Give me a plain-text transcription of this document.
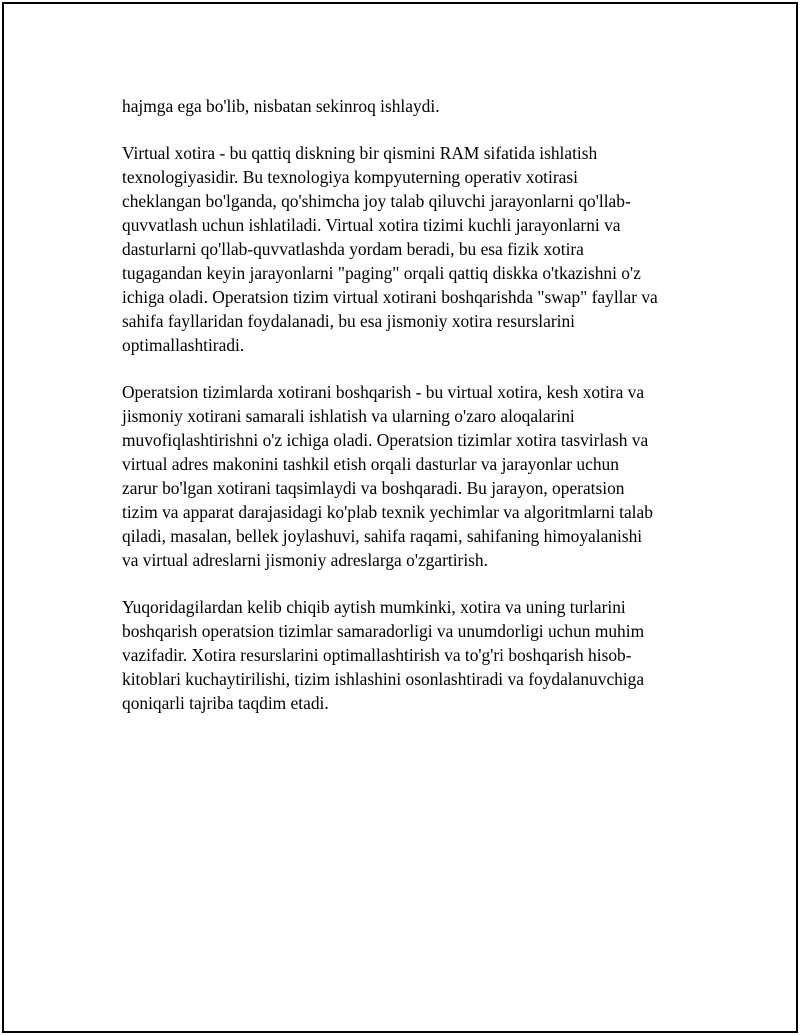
hajmga ega bo'lib, nisbatan sekinroq ishlaydi.

Virtual xotira - bu qattiq diskning bir qismini RAM sifatida ishlatish
texnologiyasidir. Bu texnologiya kompyuterning operativ xotirasi
cheklangan bo'lganda, qo'shimcha joy talab qiluvchi jarayonlarni qo'llab-
quvvatlash uchun ishlatiladi. Virtual xotira tizimi kuchli jarayonlarni va
dasturlarni qo'llab-quvvatlashda yordam beradi, bu esa fizik xotira
tugagandan keyin jarayonlarni "paging" orqali qattiq diskka o'tkazishni o'z
ichiga oladi. Operatsion tizim virtual xotirani boshqarishda "swap" fayllar va
sahifa fayllaridan foydalanadi, bu esa jismoniy xotira resurslarini
optimallashtiradi.

Operatsion tizimlarda xotirani boshqarish - bu virtual xotira, kesh xotira va
jismoniy xotirani samarali ishlatish va ularning o'zaro aloqalarini
muvofiqlashtirishni o'z ichiga oladi. Operatsion tizimlar xotira tasvirlash va
virtual adres makonini tashkil etish orqali dasturlar va jarayonlar uchun
zarur bo'lgan xotirani taqsimlaydi va boshqaradi. Bu jarayon, operatsion
tizim va apparat darajasidagi ko'plab texnik yechimlar va algoritmlarni talab
qiladi, masalan, bellek joylashuvi, sahifa raqami, sahifaning himoyalanishi
va virtual adreslarni jismoniy adreslarga o'zgartirish.

Yuqoridagilardan kelib chiqib aytish mumkinki, xotira va uning turlarini
boshqarish operatsion tizimlar samaradorligi va unumdorligi uchun muhim
vazifadir. Xotira resurslarini optimallashtirish va to'g'ri boshqarish hisob-
kitoblari kuchaytirilishi, tizim ishlashini osonlashtiradi va foydalanuvchiga
qoniqarli tajriba taqdim etadi.
